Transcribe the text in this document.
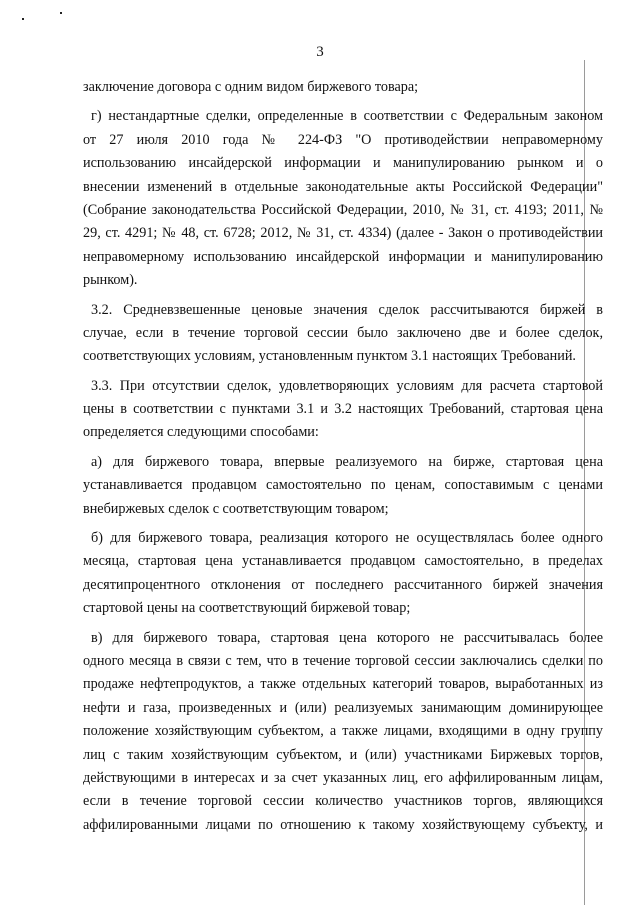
3
заключение договора с одним видом биржевого товара;
г) нестандартные сделки, определенные в соответствии с Федеральным законом
от 27 июля 2010 года № 224-ФЗ "О противодействии неправомерному
использованию инсайдерской информации и манипулированию рынком и о
внесении изменений в отдельные законодательные акты Российской Федерации"
(Собрание законодательства Российской Федерации, 2010, № 31, ст. 4193; 2011, №
29, ст. 4291; № 48, ст. 6728; 2012, № 31, ст. 4334) (далее - Закон о противодействии
неправомерному использованию инсайдерской информации и манипулированию
рынком).
3.2. Средневзвешенные ценовые значения сделок рассчитываются биржей в
случае, если в течение торговой сессии было заключено две и более сделок,
соответствующих условиям, установленным пунктом 3.1 настоящих Требований.
3.3. При отсутствии сделок, удовлетворяющих условиям для расчета стартовой
цены в соответствии с пунктами 3.1 и 3.2 настоящих Требований, стартовая цена
определяется следующими способами:
а) для биржевого товара, впервые реализуемого на бирже, стартовая цена
устанавливается продавцом самостоятельно по ценам, сопоставимым с ценами
внебиржевых сделок с соответствующим товаром;
б) для биржевого товара, реализация которого не осуществлялась более одного
месяца, стартовая цена устанавливается продавцом самостоятельно, в пределах
десятипроцентного отклонения от последнего рассчитанного биржей значения
стартовой цены на соответствующий биржевой товар;
в) для биржевого товара, стартовая цена которого не рассчитывалась более
одного месяца в связи с тем, что в течение торговой сессии заключались сделки по
продаже нефтепродуктов, а также отдельных категорий товаров, выработанных из
нефти и газа, произведенных и (или) реализуемых занимающим доминирующее
положение хозяйствующим субъектом, а также лицами, входящими в одну группу
лиц с таким хозяйствующим субъектом, и (или) участниками Биржевых торгов,
действующими в интересах и за счет указанных лиц, его аффилированным лицам,
если в течение торговой сессии количество участников торгов, являющихся
аффилированными лицами по отношению к такому хозяйствующему субъекту, и
